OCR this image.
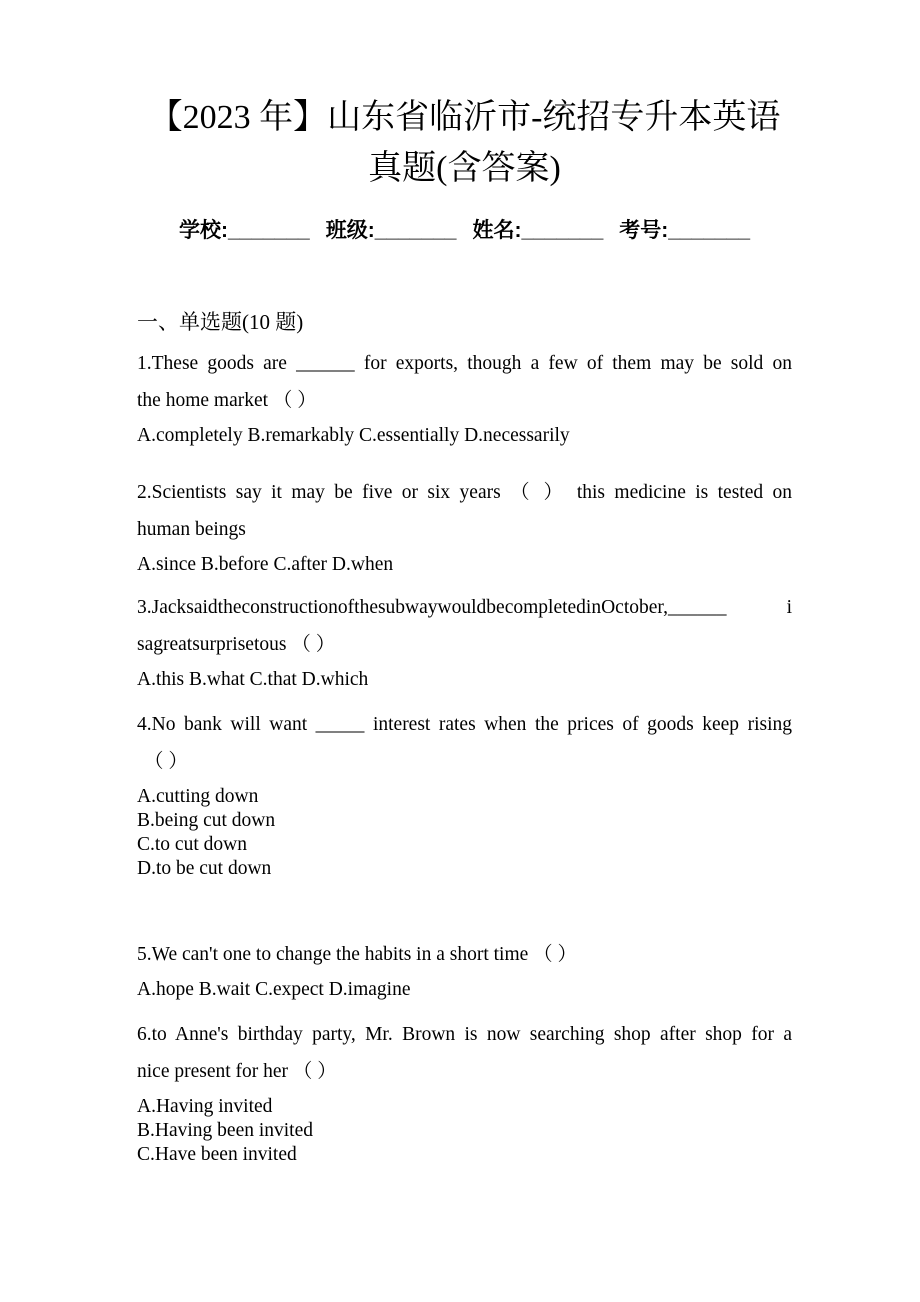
【2023 年】山东省临沂市-统招专升本英语
真题(含答案)
学校:_______ 班级:_______ 姓名:_______ 考号:_______
一、单选题(10 题)
1.These goods are ______ for exports, though a few of them may be sold on
the home market （ ）
A.completely B.remarkably C.essentially D.necessarily
2.Scientists say it may be five or six years （ ） this medicine is tested on
human beings
A.since B.before C.after D.when
3.JacksaidtheconstructionofthesubwaywouldbecompletedinOctober,______	i
sagreatsurprisetous （ ）
A.this B.what C.that D.which
4.No bank will want _____ interest rates when the prices of goods keep rising
（ ）
A.cutting down
B.being cut down
C.to cut down
D.to be cut down
5.We can't one to change the habits in a short time （ ）
A.hope B.wait C.expect D.imagine
6.to Anne's birthday party, Mr. Brown is now searching shop after shop for a
nice present for her （ ）
A.Having invited
B.Having been invited
C.Have been invited
